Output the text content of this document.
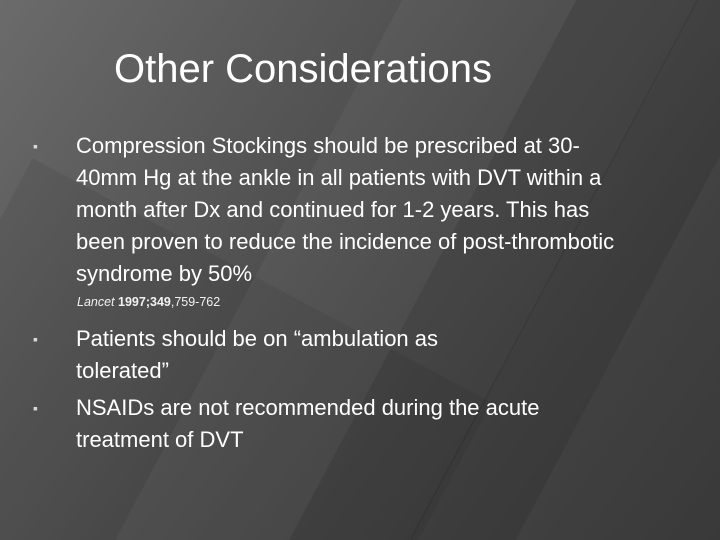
Other Considerations
▪ Compression Stockings should be prescribed at 30-40mm Hg at the ankle in all patients with DVT within a month after Dx and continued for 1-2 years. This has been proven to reduce the incidence of post-thrombotic syndrome by 50%
Lancet 1997;349,759-762
▪ Patients should be on “ambulation as tolerated”
▪ NSAIDs are not recommended during the acute treatment of DVT
